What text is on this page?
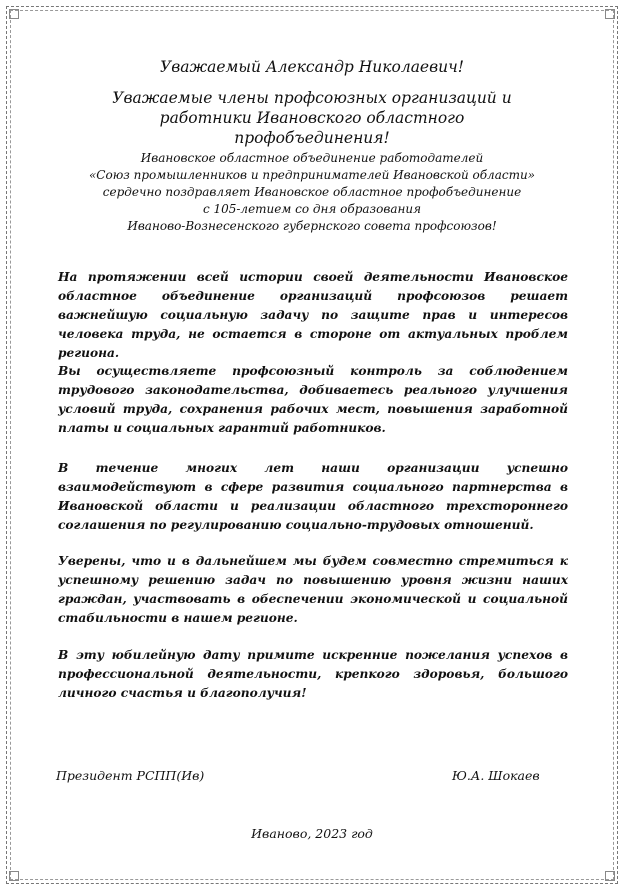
Уважаемый Александр Николаевич!
Уважаемые члены профсоюзных организаций и
работники Ивановского областного профобъединения!
Ивановское областное объединение работодателей
«Союз промышленников и предпринимателей Ивановской области»
сердечно поздравляет Ивановское областное профобъединение
с 105-летием со дня образования
Иваново-Вознесенского губернского совета профсоюзов!

На протяжении всей истории своей деятельности Ивановское областное объединение организаций профсоюзов решает важнейшую социальную задачу по защите прав и интересов человека труда, не остается в стороне от актуальных проблем региона.

Вы осуществляете профсоюзный контроль за соблюдением трудового законодательства, добиваетесь реального улучшения условий труда, сохранения рабочих мест, повышения заработной платы и социальных гарантий работников.

В течение многих лет наши организации успешно взаимодействуют в сфере развития социального партнерства в Ивановской области и реализации областного трехстороннего соглашения по регулированию социально-трудовых отношений.

Уверены, что и в дальнейшем мы будем совместно стремиться к успешному решению задач по повышению уровня жизни наших граждан, участвовать в обеспечении экономической и социальной стабильности в нашем регионе.

В эту юбилейную дату примите искренние пожелания успехов в профессиональной деятельности, крепкого здоровья, большого личного счастья и благополучия!

Президент РСПП(Ив)	Ю.А. Шокаев
Иваново, 2023 год
